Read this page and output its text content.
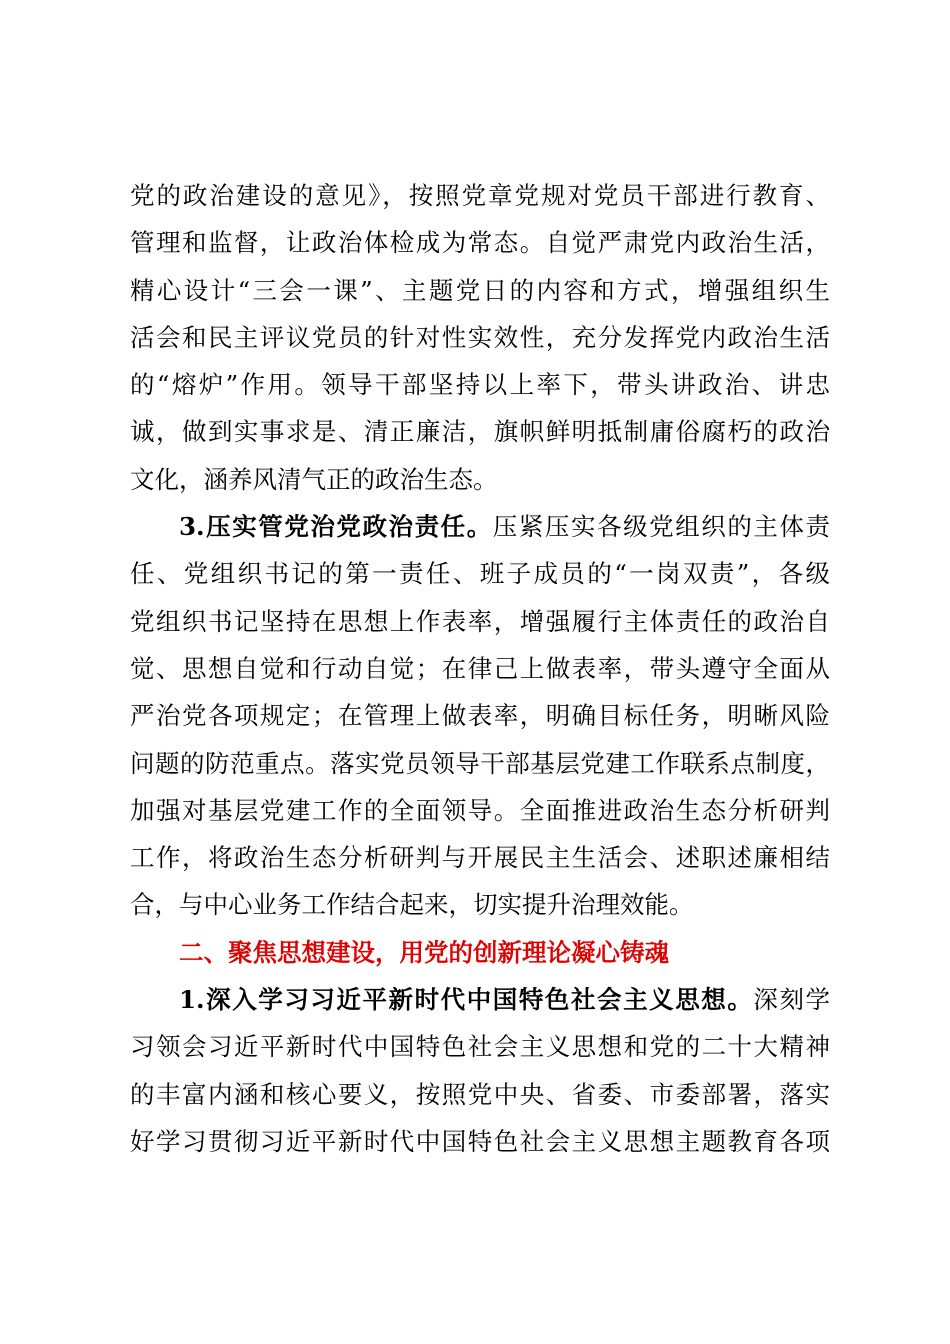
党的政治建设的意见》，按照党章党规对党员干部进行教育、
管理和监督，让政治体检成为常态。自觉严肃党内政治生活，
精心设计“三会一课”、主题党日的内容和方式，增强组织生
活会和民主评议党员的针对性实效性，充分发挥党内政治生活
的“熔炉”作用。领导干部坚持以上率下，带头讲政治、讲忠
诚，做到实事求是、清正廉洁，旗帜鲜明抵制庸俗腐朽的政治
文化，涵养风清气正的政治生态。
3.压实管党治党政治责任。压紧压实各级党组织的主体责
任、党组织书记的第一责任、班子成员的“一岗双责”，各级
党组织书记坚持在思想上作表率，增强履行主体责任的政治自
觉、思想自觉和行动自觉；在律己上做表率，带头遵守全面从
严治党各项规定；在管理上做表率，明确目标任务，明晰风险
问题的防范重点。落实党员领导干部基层党建工作联系点制度，
加强对基层党建工作的全面领导。全面推进政治生态分析研判
工作，将政治生态分析研判与开展民主生活会、述职述廉相结
合，与中心业务工作结合起来，切实提升治理效能。
二、聚焦思想建设，用党的创新理论凝心铸魂
1.深入学习习近平新时代中国特色社会主义思想。深刻学
习领会习近平新时代中国特色社会主义思想和党的二十大精神
的丰富内涵和核心要义，按照党中央、省委、市委部署，落实
好学习贯彻习近平新时代中国特色社会主义思想主题教育各项
